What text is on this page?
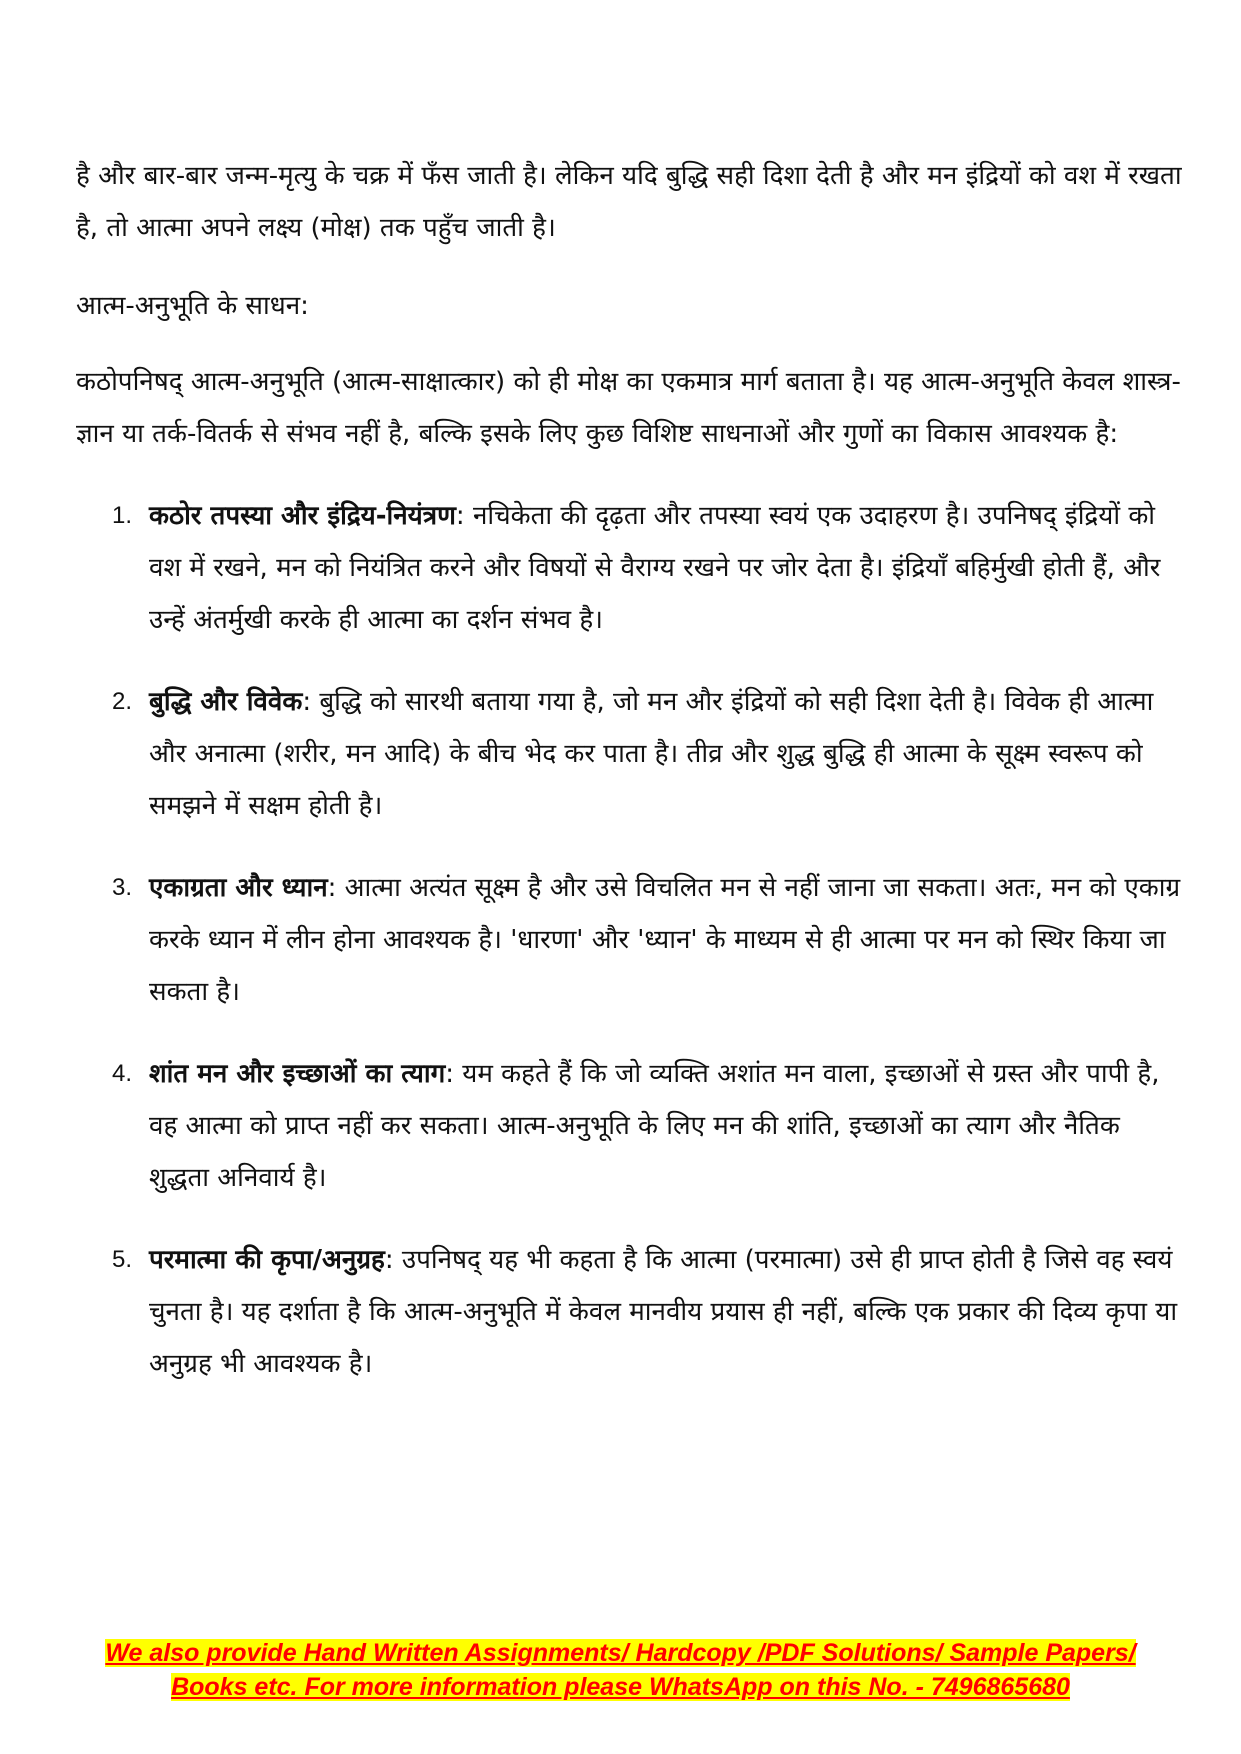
है और बार-बार जन्म-मृत्यु के चक्र में फँस जाती है। लेकिन यदि बुद्धि सही दिशा देती है और मन इंद्रियों को वश में रखता है, तो आत्मा अपने लक्ष्य (मोक्ष) तक पहुँच जाती है।

आत्म-अनुभूति के साधन:

कठोपनिषद् आत्म-अनुभूति (आत्म-साक्षात्कार) को ही मोक्ष का एकमात्र मार्ग बताता है। यह आत्म-अनुभूति केवल शास्त्र-ज्ञान या तर्क-वितर्क से संभव नहीं है, बल्कि इसके लिए कुछ विशिष्ट साधनाओं और गुणों का विकास आवश्यक है:

1. कठोर तपस्या और इंद्रिय-नियंत्रण: नचिकेता की दृढ़ता और तपस्या स्वयं एक उदाहरण है। उपनिषद् इंद्रियों को वश में रखने, मन को नियंत्रित करने और विषयों से वैराग्य रखने पर जोर देता है। इंद्रियाँ बहिर्मुखी होती हैं, और उन्हें अंतर्मुखी करके ही आत्मा का दर्शन संभव है।
2. बुद्धि और विवेक: बुद्धि को सारथी बताया गया है, जो मन और इंद्रियों को सही दिशा देती है। विवेक ही आत्मा और अनात्मा (शरीर, मन आदि) के बीच भेद कर पाता है। तीव्र और शुद्ध बुद्धि ही आत्मा के सूक्ष्म स्वरूप को समझने में सक्षम होती है।
3. एकाग्रता और ध्यान: आत्मा अत्यंत सूक्ष्म है और उसे विचलित मन से नहीं जाना जा सकता। अतः, मन को एकाग्र करके ध्यान में लीन होना आवश्यक है। 'धारणा' और 'ध्यान' के माध्यम से ही आत्मा पर मन को स्थिर किया जा सकता है।
4. शांत मन और इच्छाओं का त्याग: यम कहते हैं कि जो व्यक्ति अशांत मन वाला, इच्छाओं से ग्रस्त और पापी है, वह आत्मा को प्राप्त नहीं कर सकता। आत्म-अनुभूति के लिए मन की शांति, इच्छाओं का त्याग और नैतिक शुद्धता अनिवार्य है।
5. परमात्मा की कृपा/अनुग्रह: उपनिषद् यह भी कहता है कि आत्मा (परमात्मा) उसे ही प्राप्त होती है जिसे वह स्वयं चुनता है। यह दर्शाता है कि आत्म-अनुभूति में केवल मानवीय प्रयास ही नहीं, बल्कि एक प्रकार की दिव्य कृपा या अनुग्रह भी आवश्यक है।
We also provide Hand Written Assignments/ Hardcopy /PDF Solutions/ Sample Papers/
Books etc. For more information please WhatsApp on this No. - 7496865680
